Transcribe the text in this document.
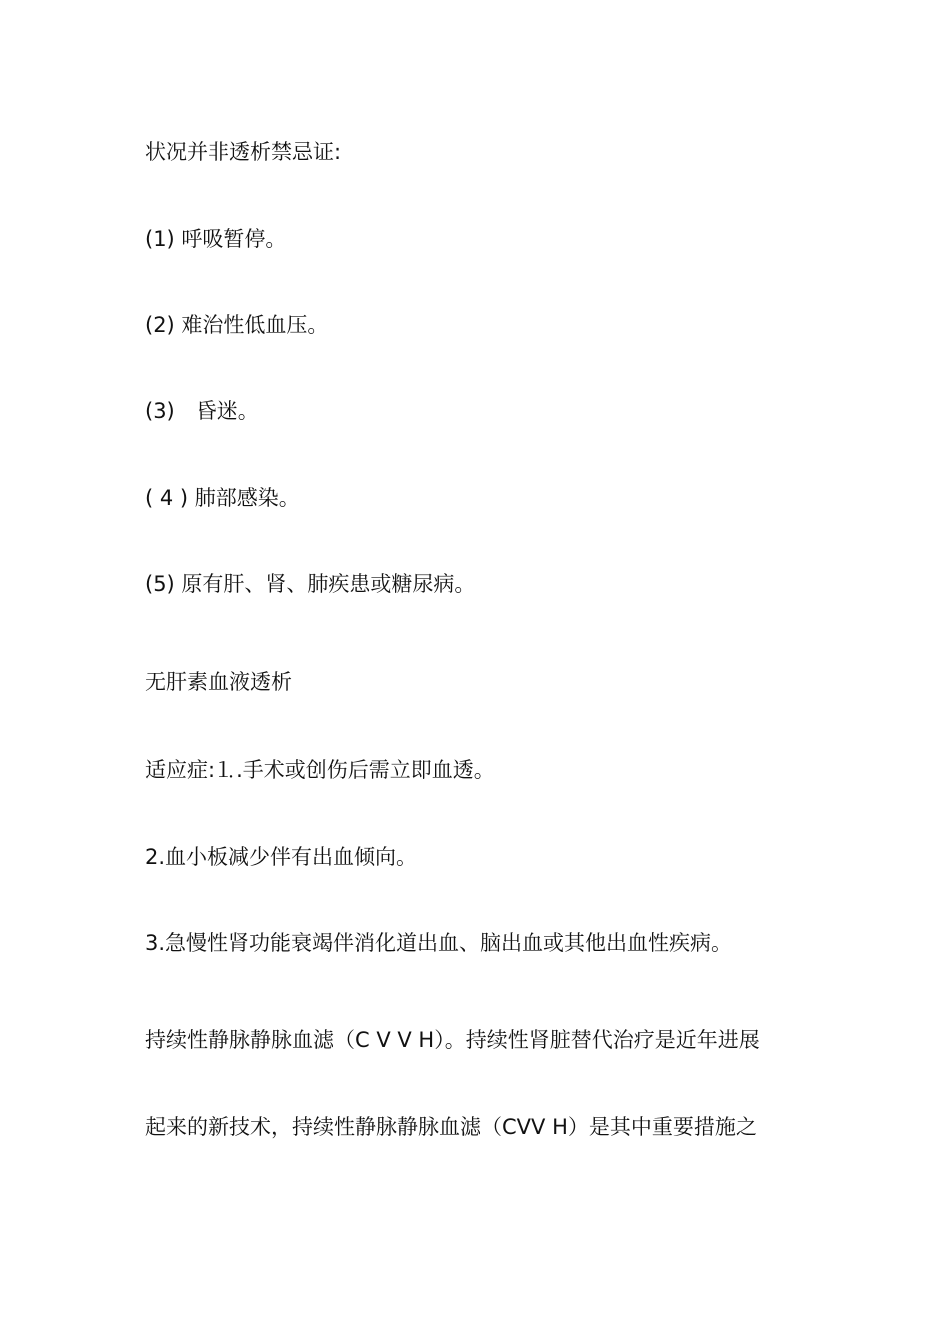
状况并非透析禁忌证:

(1) 呼吸暂停。

(2) 难治性低血压。

(3)　昏迷。

( 4 ) 肺部感染。

(5) 原有肝、肾、肺疾患或糖尿病。

无肝素血液透析

适应症:⒈.手术或创伤后需立即血透。

2.血小板减少伴有出血倾向。

3.急慢性肾功能衰竭伴消化道出血、脑出血或其他出血性疾病。

持续性静脉静脉血滤（C V V H）。持续性肾脏替代治疗是近年进展

起来的新技术，持续性静脉静脉血滤（CVV H）是其中重要措施之
